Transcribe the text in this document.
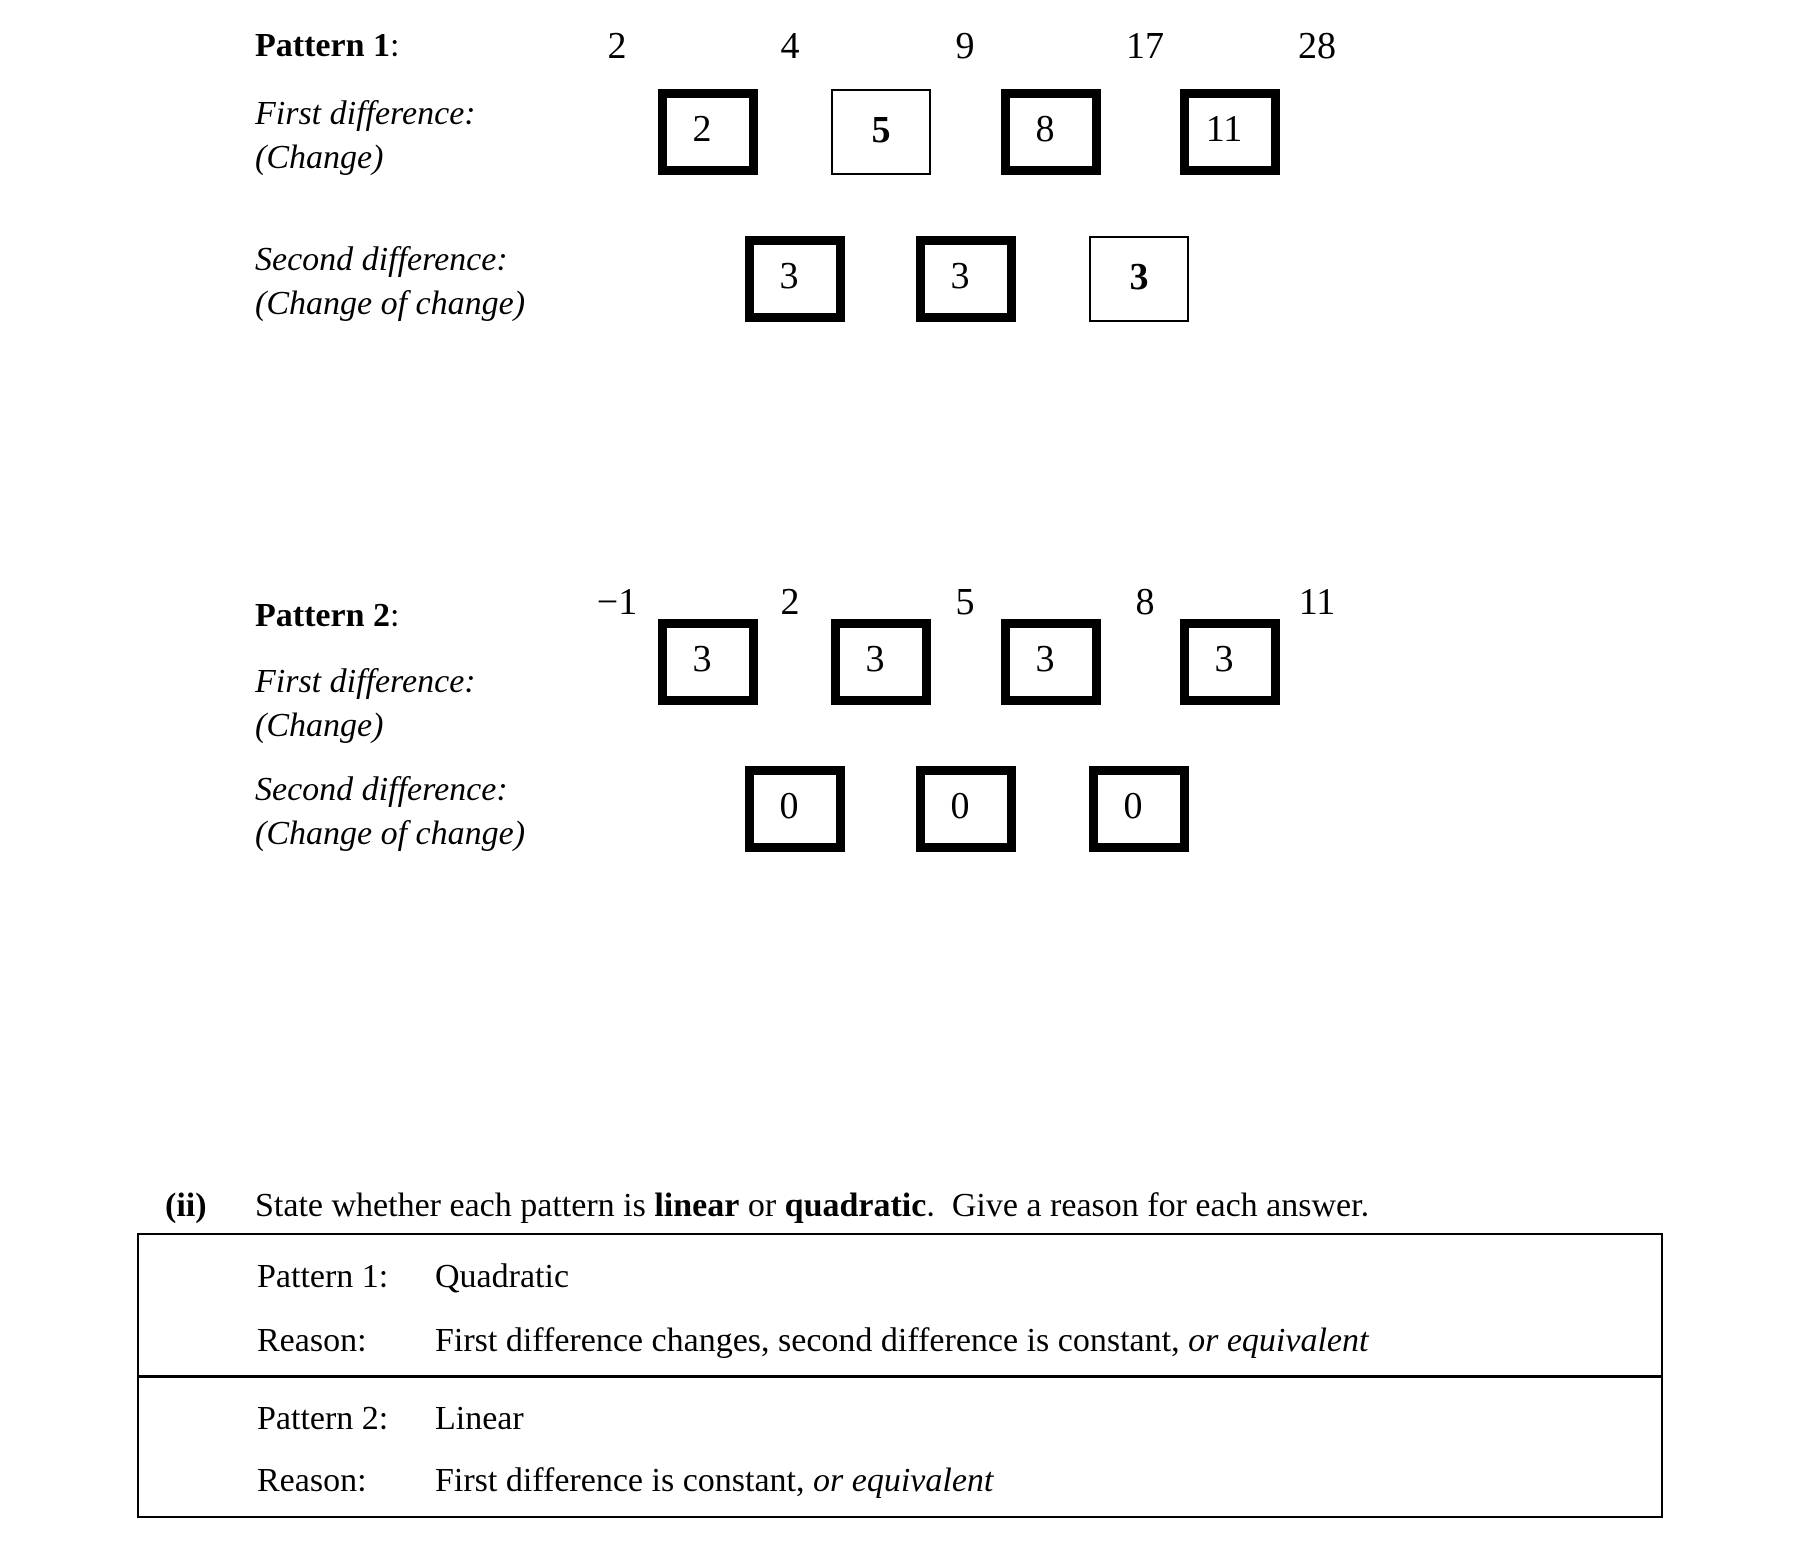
Pattern 1:	2	4	9	17	28
First difference:
(Change)
2	5	8	11
Second difference:
(Change of change)
3	3	3
Pattern 2:	−1	2	5	8	11
First difference:
(Change)
3	3	3	3
Second difference:
(Change of change)
0	0	0
(ii) State whether each pattern is linear or quadratic.  Give a reason for each answer.
Pattern 1: Quadratic
Reason: First difference changes, second difference is constant, or equivalent
Pattern 2: Linear
Reason: First difference is constant, or equivalent
